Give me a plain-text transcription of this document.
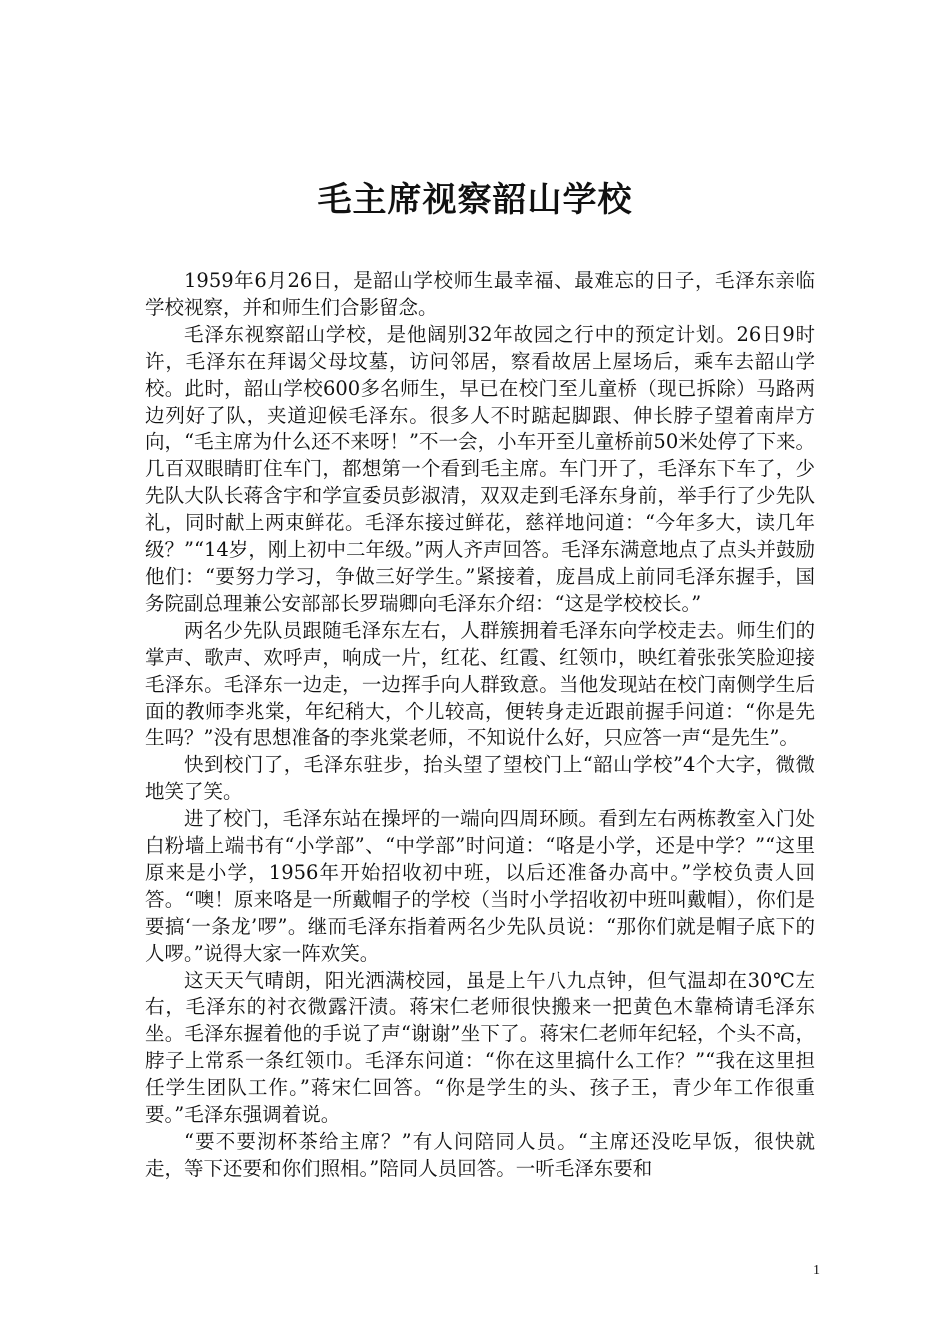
毛主席视察韶山学校

1959年6月26日，是韶山学校师生最幸福、最难忘的日子，毛泽东亲临学校视察，并和师生们合影留念。

毛泽东视察韶山学校，是他阔别32年故园之行中的预定计划。26日9时许，毛泽东在拜谒父母坟墓，访问邻居，察看故居上屋场后，乘车去韶山学校。此时，韶山学校600多名师生，早已在校门至儿童桥（现已拆除）马路两边列好了队，夹道迎候毛泽东。很多人不时踮起脚跟、伸长脖子望着南岸方向，“毛主席为什么还不来呀！”不一会，小车开至儿童桥前50米处停了下来。几百双眼睛盯住车门，都想第一个看到毛主席。车门开了，毛泽东下车了，少先队大队长蒋含宇和学宣委员彭淑清，双双走到毛泽东身前，举手行了少先队礼，同时献上两束鲜花。毛泽东接过鲜花，慈祥地问道：“今年多大，读几年级？”“14岁，刚上初中二年级。”两人齐声回答。毛泽东满意地点了点头并鼓励他们：“要努力学习，争做三好学生。”紧接着，庞昌成上前同毛泽东握手，国务院副总理兼公安部部长罗瑞卿向毛泽东介绍：“这是学校校长。”

两名少先队员跟随毛泽东左右，人群簇拥着毛泽东向学校走去。师生们的掌声、歌声、欢呼声，响成一片，红花、红霞、红领巾，映红着张张笑脸迎接毛泽东。毛泽东一边走，一边挥手向人群致意。当他发现站在校门南侧学生后面的教师李兆棠，年纪稍大，个儿较高，便转身走近跟前握手问道：“你是先生吗？”没有思想准备的李兆棠老师，不知说什么好，只应答一声“是先生”。

快到校门了，毛泽东驻步，抬头望了望校门上“韶山学校”4个大字，微微地笑了笑。

进了校门，毛泽东站在操坪的一端向四周环顾。看到左右两栋教室入门处白粉墙上端书有“小学部”、“中学部”时问道：“咯是小学，还是中学？”“这里原来是小学，1956年开始招收初中班，以后还准备办高中。”学校负责人回答。“噢！原来咯是一所戴帽子的学校（当时小学招收初中班叫戴帽），你们是要搞‘一条龙’啰”。继而毛泽东指着两名少先队员说：“那你们就是帽子底下的人啰。”说得大家一阵欢笑。

这天天气晴朗，阳光洒满校园，虽是上午八九点钟，但气温却在30℃左右，毛泽东的衬衣微露汗渍。蒋宋仁老师很快搬来一把黄色木靠椅请毛泽东坐。毛泽东握着他的手说了声“谢谢”坐下了。蒋宋仁老师年纪轻，个头不高，脖子上常系一条红领巾。毛泽东问道：“你在这里搞什么工作？”“我在这里担任学生团队工作。”蒋宋仁回答。“你是学生的头、孩子王，青少年工作很重要。”毛泽东强调着说。

“要不要沏杯茶给主席？”有人问陪同人员。“主席还没吃早饭，很快就走，等下还要和你们照相。”陪同人员回答。一听毛泽东要和

1
